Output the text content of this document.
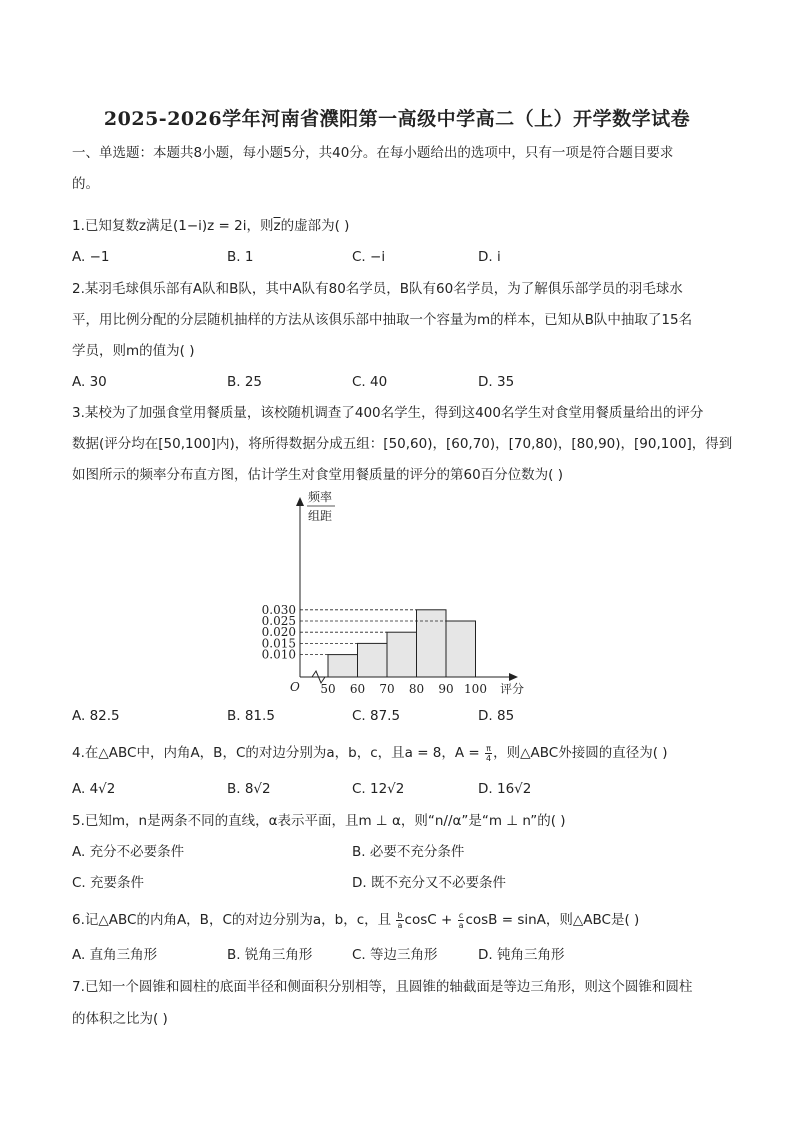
2025-2026学年河南省濮阳第一高级中学高二（上）开学数学试卷
一、单选题：本题共8小题，每小题5分，共40分。在每小题给出的选项中，只有一项是符合题目要求
的。
1.已知复数z满足(1−i)z = 2i，则$\overline{z}$的虚部为( )
A. −1	B. 1	C. −i	D. i
2.某羽毛球俱乐部有A队和B队，其中A队有80名学员，B队有60名学员，为了解俱乐部学员的羽毛球水
平，用比例分配的分层随机抽样的方法从该俱乐部中抽取一个容量为m的样本，已知从B队中抽取了15名
学员，则m的值为( )
A. 30	B. 25	C. 40	D. 35
3.某校为了加强食堂用餐质量，该校随机调查了400名学生，得到这400名学生对食堂用餐质量给出的评分
数据(评分均在[50,100]内)，将所得数据分成五组：[50,60)，[60,70)，[70,80)，[80,90)，[90,100]，得到
如图所示的频率分布直方图，估计学生对食堂用餐质量的评分的第60百分位数为( )
0.010
0.015
0.020
0.025
0.030
50 60 70 80 90 100
O	评分
频率
组距
A. 82.5	B. 81.5	C. 87.5	D. 85
4.在△ABC中，内角A，B，C的对边分别为a，b，c，且a = 8，$A = \frac{\pi}{4}$ ，则△ABC外接圆的直径为( )
A. 4√2	B. 8√2	C. 12√2	D. 16√2
5.已知m，n是两条不同的直线，α表示平面，且m ⊥ α，则“n//α”是“m ⊥ n”的( )
A. 充分不必要条件	B. 必要不充分条件
C. 充要条件	D. 既不充分又不必要条件
6.记△ABC的内角A，B，C的对边分别为a，b，c，且 $\frac{b}{a}$ $\cos C + \frac{c}{a}$ cosB = sinA，则△ABC是( )
A. 直角三角形	B. 锐角三角形	C. 等边三角形	D. 钝角三角形
7.已知一个圆锥和圆柱的底面半径和侧面积分别相等，且圆锥的轴截面是等边三角形，则这个圆锥和圆柱
的体积之比为( )
